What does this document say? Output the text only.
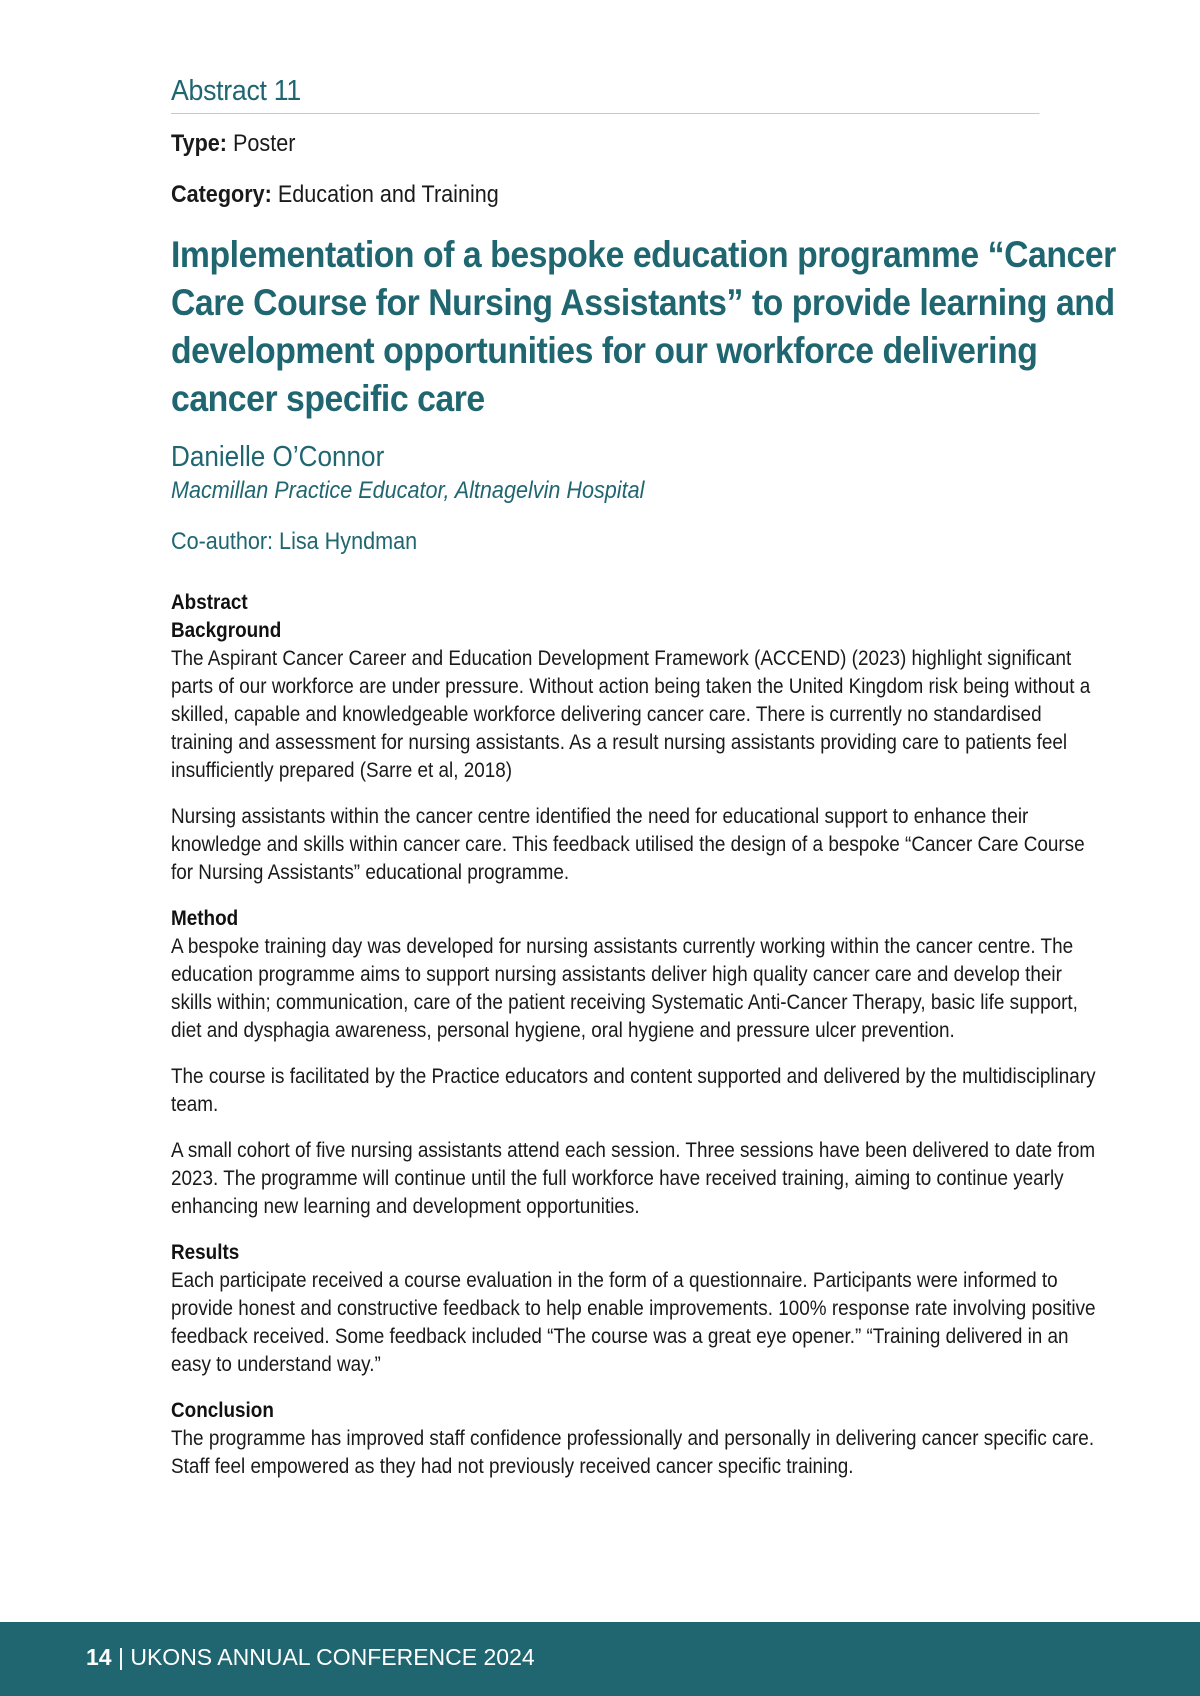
Abstract 11
Type: Poster
Category: Education and Training
Implementation of a bespoke education programme “Cancer Care Course for Nursing Assistants” to provide learning and development opportunities for our workforce delivering cancer specific care
Danielle O’Connor
Macmillan Practice Educator, Altnagelvin Hospital
Co-author: Lisa Hyndman
Abstract
Background

The Aspirant Cancer Career and Education Development Framework (ACCEND) (2023) highlight significant parts of our workforce are under pressure. Without action being taken the United Kingdom risk being without a skilled, capable and knowledgeable workforce delivering cancer care. There is currently no standardised training and assessment for nursing assistants. As a result nursing assistants providing care to patients feel insufficiently prepared (Sarre et al, 2018)

Nursing assistants within the cancer centre identified the need for educational support to enhance their knowledge and skills within cancer care. This feedback utilised the design of a bespoke “Cancer Care Course for Nursing Assistants” educational programme.

Method

A bespoke training day was developed for nursing assistants currently working within the cancer centre. The education programme aims to support nursing assistants deliver high quality cancer care and develop their skills within; communication, care of the patient receiving Systematic Anti-Cancer Therapy, basic life support, diet and dysphagia awareness, personal hygiene, oral hygiene and pressure ulcer prevention.

The course is facilitated by the Practice educators and content supported and delivered by the multidisciplinary team.

A small cohort of five nursing assistants attend each session. Three sessions have been delivered to date from 2023. The programme will continue until the full workforce have received training, aiming to continue yearly enhancing new learning and development opportunities.

Results

Each participate received a course evaluation in the form of a questionnaire. Participants were informed to provide honest and constructive feedback to help enable improvements. 100% response rate involving positive feedback received. Some feedback included “The course was a great eye opener.” “Training delivered in an easy to understand way.”

Conclusion

The programme has improved staff confidence professionally and personally in delivering cancer specific care. Staff feel empowered as they had not previously received cancer specific training.

14 | UKONS ANNUAL CONFERENCE 2024
